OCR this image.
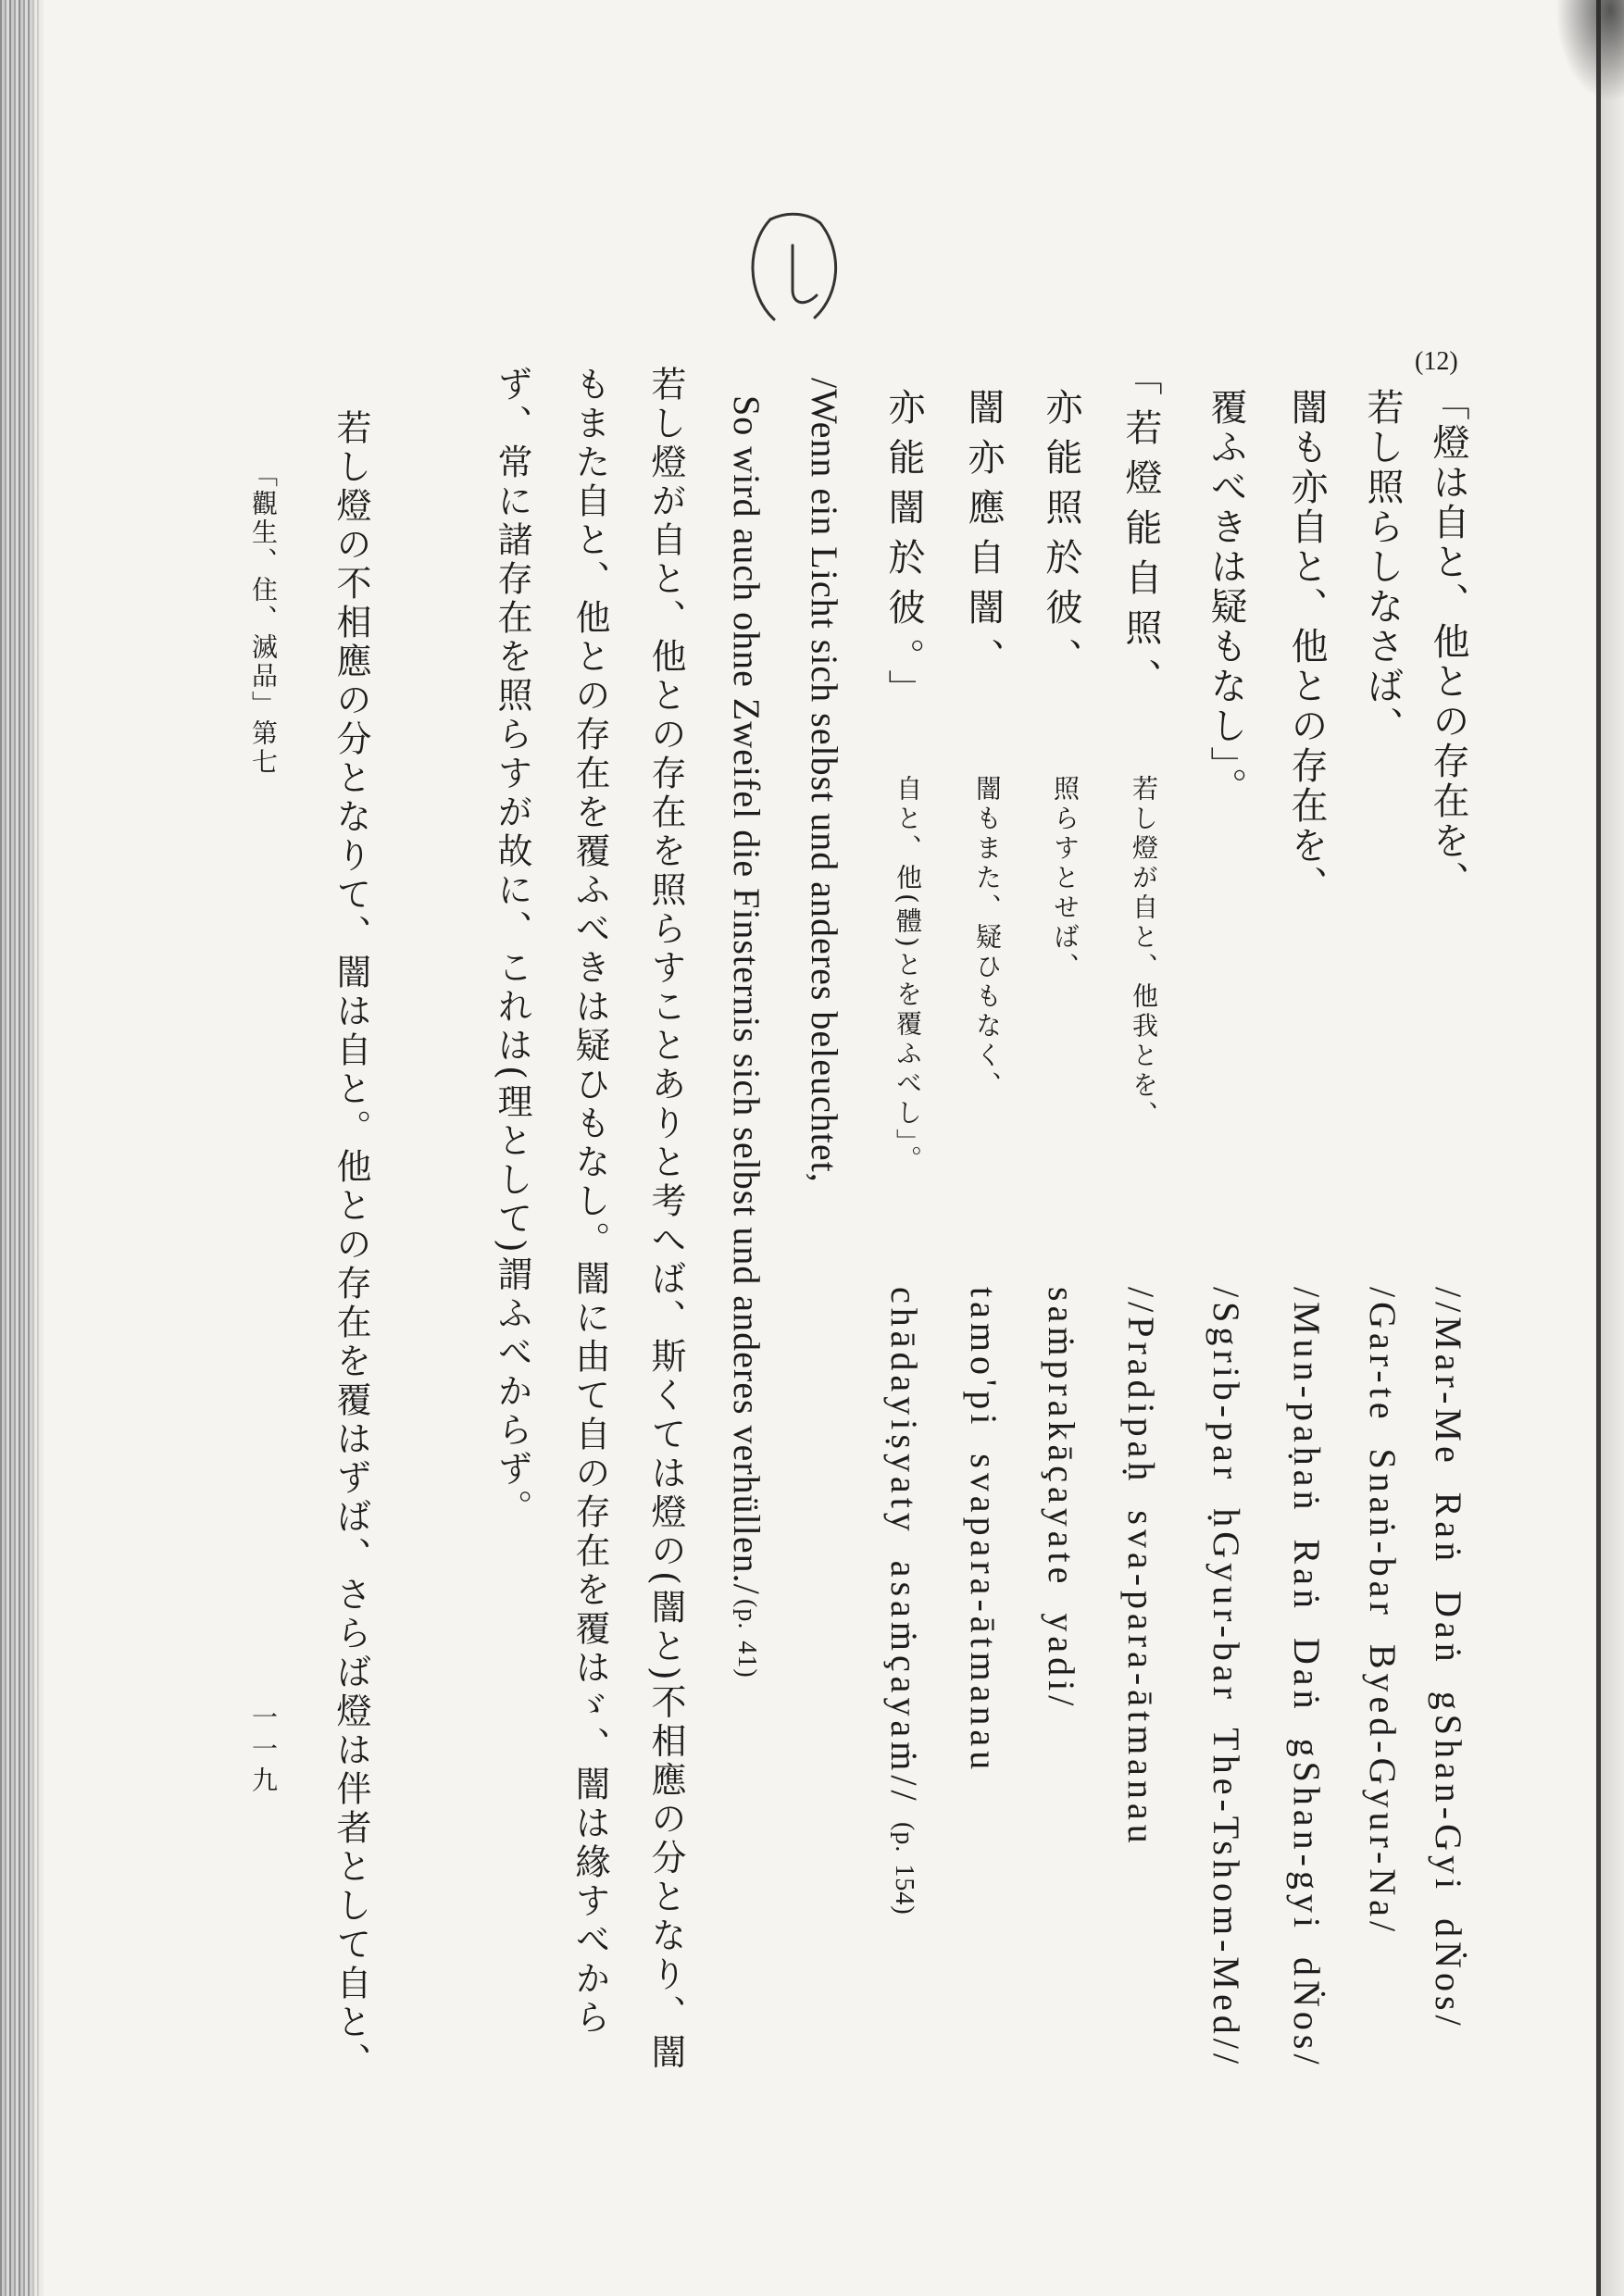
(12)
「燈は自と、他との存在を、
若し照らしなさば、
闇も亦自と、他との存在を、
覆ふべきは疑もなし」。
//Mar-Me Raṅ Daṅ gShan-Gyi dṄos/
/Gar-te Snaṅ-bar Byed-Gyur-Na/
/Mun-paḥaṅ Raṅ Daṅ gShan-gyi dṄos/
/Sgrib-par ḥGyur-bar The-Tshom-Med//
「若燈能自照、
亦能照於彼、
闇亦應自闇、
亦能闇於彼。」
若し燈が自と、他我とを、
照らすとせば、
闇もまた、疑ひもなく、
自と、他(體)とを覆ふべし」。
//Pradipaḥ sva-para-ātmanau
saṁprakāçayate yadi/
tamo'pi svapara-ātmanau
chādayiṣyaty asaṁçayaṁ//(p. 154)
/Wenn ein Licht sich selbst und anderes beleuchtet,
So wird auch ohne Zweifel die Finsternis sich selbst und anderes verhüllen./(p. 41)
若し燈が自と、他との存在を照らすことありと考へば、斯くては燈の(闇と)不相應の分となり、闇
もまた自と、他との存在を覆ふべきは疑ひもなし。闇に由て自の存在を覆はゞ、闇は緣すべから
ず、常に諸存在を照らすが故に、これは(理として)謂ふべからず。
若し燈の不相應の分となりて、闇は自と。他との存在を覆はずば、さらば燈は伴者として自と、
「觀生、住、滅品」第七
一一九
